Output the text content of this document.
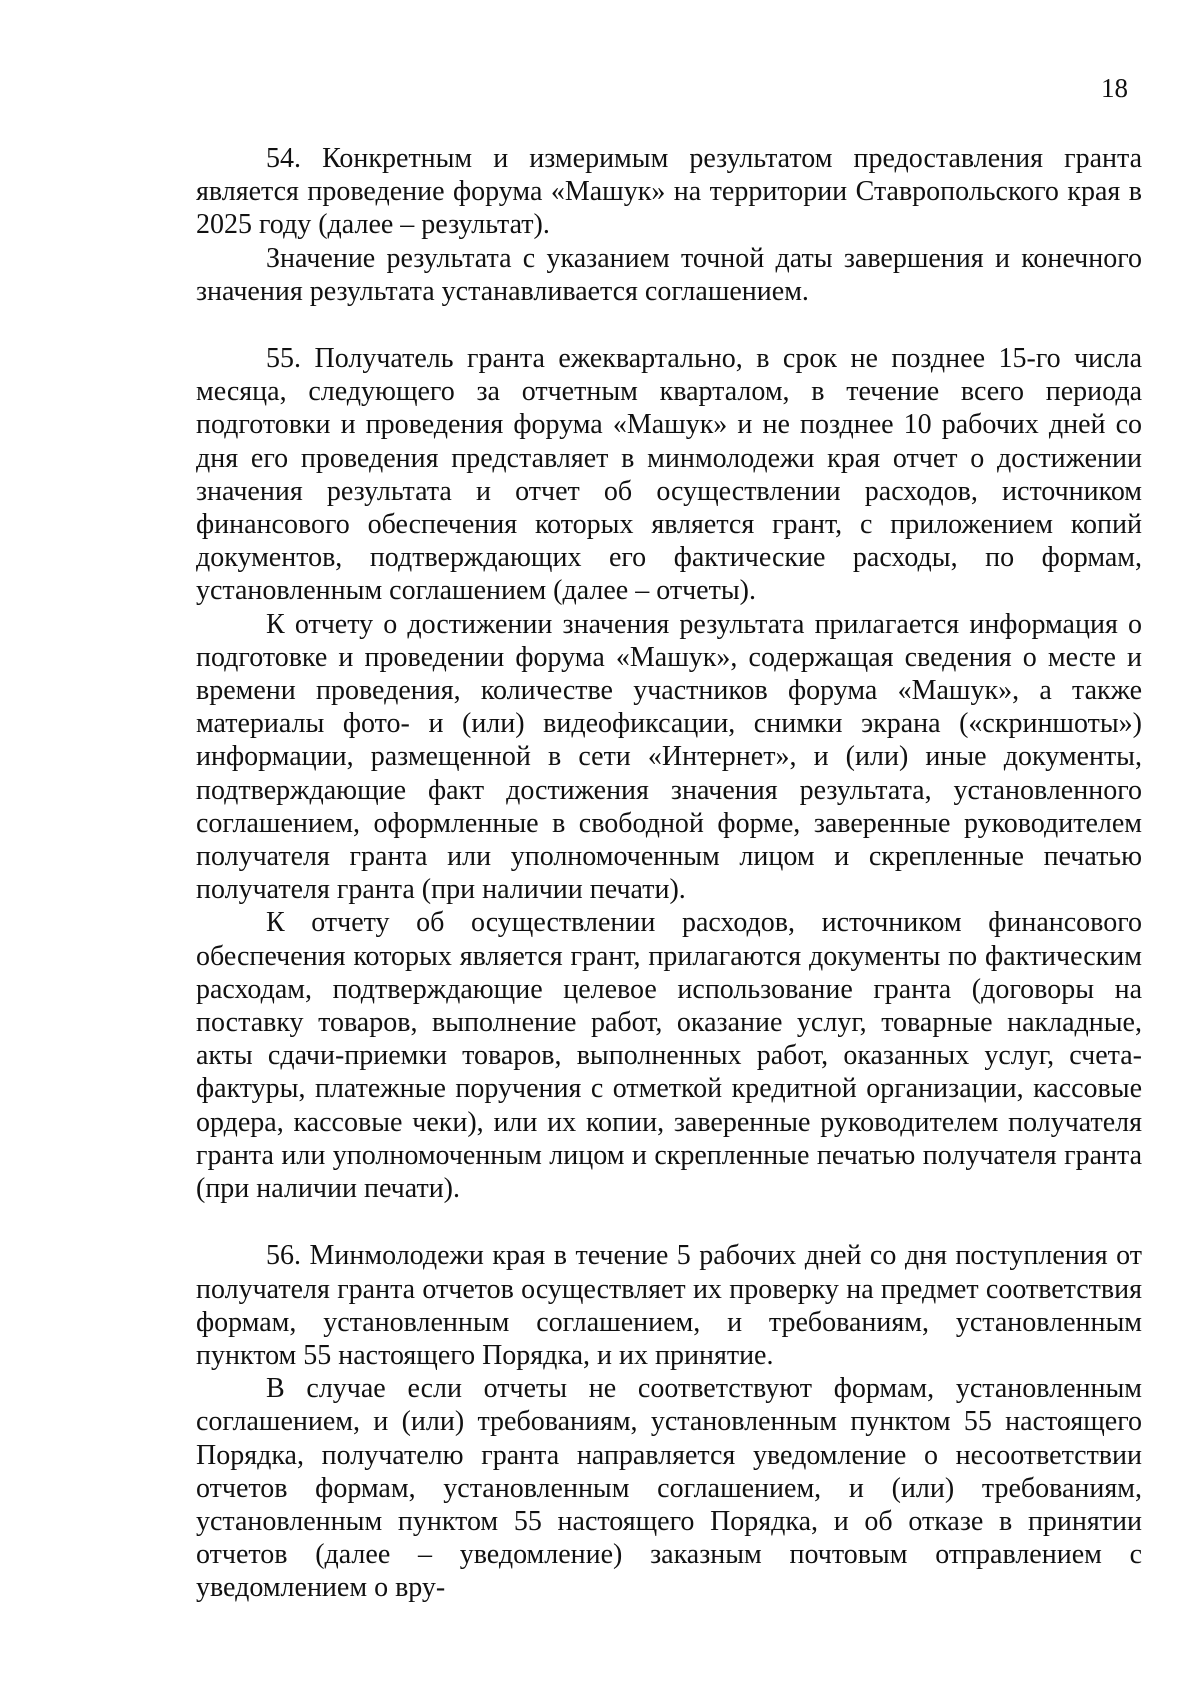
18

54. Конкретным и измеримым результатом предоставления гранта является проведение форума «Машук» на территории Ставропольского края в 2025 году (далее – результат).

Значение результата с указанием точной даты завершения и конечного значения результата устанавливается соглашением.

55. Получатель гранта ежеквартально, в срок не позднее 15-го числа месяца, следующего за отчетным кварталом, в течение всего периода подготовки и проведения форума «Машук» и не позднее 10 рабочих дней со дня его проведения представляет в минмолодежи края отчет о достижении значения результата и отчет об осуществлении расходов, источником финансового обеспечения которых является грант, с приложением копий документов, подтверждающих его фактические расходы, по формам, установленным соглашением (далее – отчеты).

К отчету о достижении значения результата прилагается информация о подготовке и проведении форума «Машук», содержащая сведения о месте и времени проведения, количестве участников форума «Машук», а также материалы фото- и (или) видеофиксации, снимки экрана («скриншоты») информации, размещенной в сети «Интернет», и (или) иные документы, подтверждающие факт достижения значения результата, установленного соглашением, оформленные в свободной форме, заверенные руководителем получателя гранта или уполномоченным лицом и скрепленные печатью получателя гранта (при наличии печати).

К отчету об осуществлении расходов, источником финансового обеспечения которых является грант, прилагаются документы по фактическим расходам, подтверждающие целевое использование гранта (договоры на поставку товаров, выполнение работ, оказание услуг, товарные накладные, акты сдачи-приемки товаров, выполненных работ, оказанных услуг, счета-фактуры, платежные поручения с отметкой кредитной организации, кассовые ордера, кассовые чеки), или их копии, заверенные руководителем получателя гранта или уполномоченным лицом и скрепленные печатью получателя гранта (при наличии печати).

56. Минмолодежи края в течение 5 рабочих дней со дня поступления от получателя гранта отчетов осуществляет их проверку на предмет соответствия формам, установленным соглашением, и требованиям, установленным пунктом 55 настоящего Порядка, и их принятие.

В случае если отчеты не соответствуют формам, установленным соглашением, и (или) требованиям, установленным пунктом 55 настоящего Порядка, получателю гранта направляется уведомление о несоответствии отчетов формам, установленным соглашением, и (или) требованиям, установленным пунктом 55 настоящего Порядка, и об отказе в принятии отчетов (далее – уведомление) заказным почтовым отправлением с уведомлением о вру-
